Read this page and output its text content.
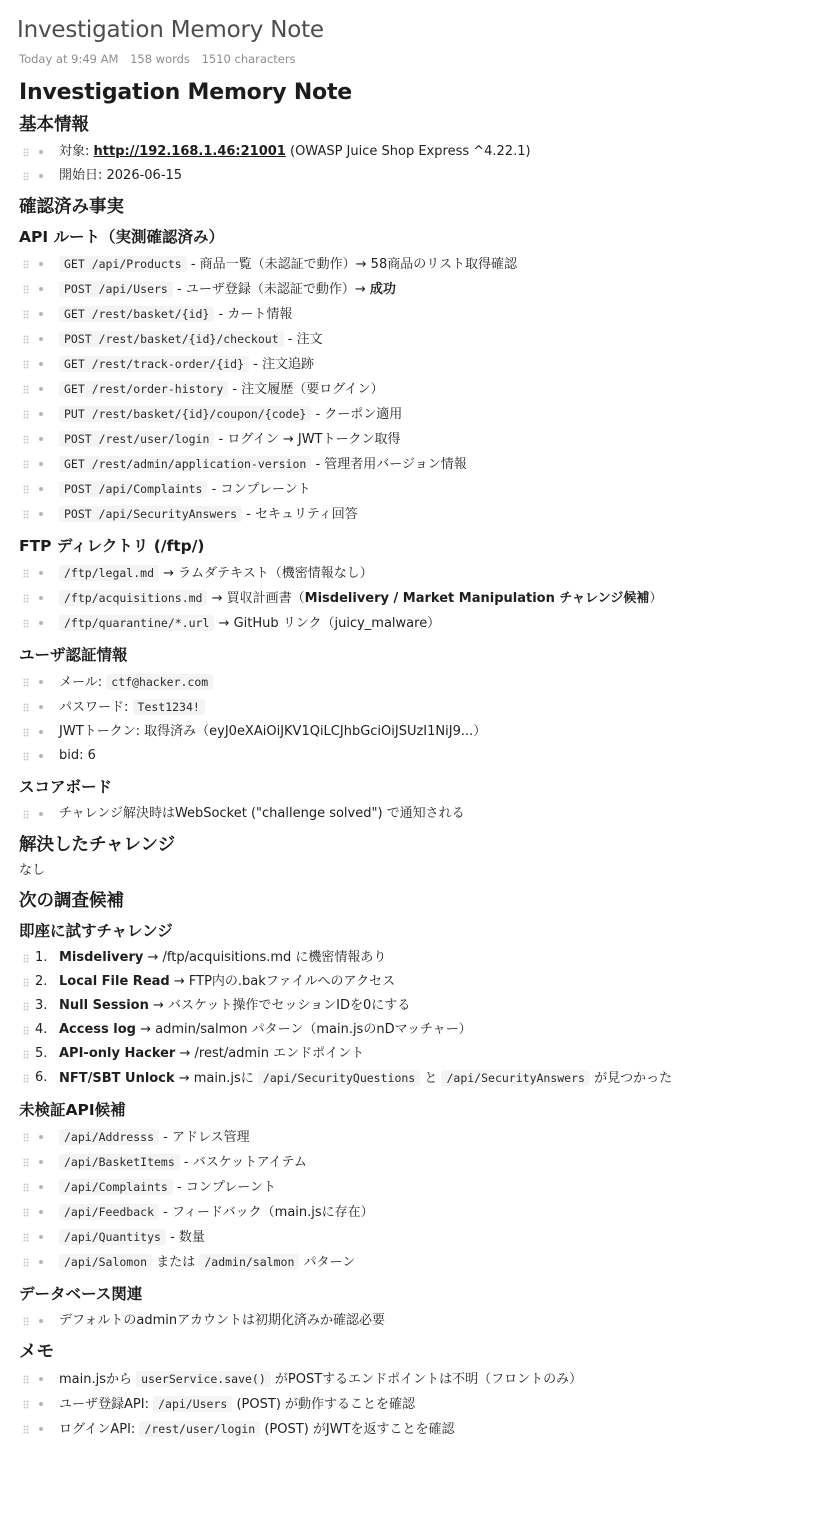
Investigation Memory Note
Today at 9:49 AM 158 words 1510 characters
Investigation Memory Note
基本情報
対象: http://192.168.1.46:21001 (OWASP Juice Shop Express ^4.22.1)
開始日: 2026-06-15
確認済み事実
API ルート（実測確認済み）
GET /api/Products - 商品一覧（未認証で動作）→ 58商品のリスト取得確認
POST /api/Users - ユーザ登録（未認証で動作）→ 成功
GET /rest/basket/{id} - カート情報
POST /rest/basket/{id}/checkout - 注文
GET /rest/track-order/{id} - 注文追跡
GET /rest/order-history - 注文履歴（要ログイン）
PUT /rest/basket/{id}/coupon/{code} - クーポン適用
POST /rest/user/login - ログイン → JWTトークン取得
GET /rest/admin/application-version - 管理者用バージョン情報
POST /api/Complaints - コンプレーント
POST /api/SecurityAnswers - セキュリティ回答
FTP ディレクトリ (/ftp/)
/ftp/legal.md → ラムダテキスト（機密情報なし）
/ftp/acquisitions.md → 買収計画書（Misdelivery / Market Manipulation チャレンジ候補）
/ftp/quarantine/*.url → GitHub リンク（juicy_malware）
ユーザ認証情報
メール: ctf@hacker.com
パスワード: Test1234!
JWTトークン: 取得済み（eyJ0eXAiOiJKV1QiLCJhbGciOiJSUzI1NiJ9...）
bid: 6
スコアボード
チャレンジ解決時はWebSocket ("challenge solved") で通知される
解決したチャレンジ
なし
次の調査候補
即座に試すチャレンジ
1. Misdelivery → /ftp/acquisitions.md に機密情報あり
2. Local File Read → FTP内の.bakファイルへのアクセス
3. Null Session → バスケット操作でセッションIDを0にする
4. Access log → admin/salmon パターン（main.jsのnDマッチャー）
5. API-only Hacker → /rest/admin エンドポイント
6. NFT/SBT Unlock → main.jsに /api/SecurityQuestions と /api/SecurityAnswers が見つかった
未検証API候補
/api/Addresss - アドレス管理
/api/BasketItems - バスケットアイテム
/api/Complaints - コンプレーント
/api/Feedback - フィードバック（main.jsに存在）
/api/Quantitys - 数量
/api/Salomon または /admin/salmon パターン
データベース関連
デフォルトのadminアカウントは初期化済みか確認必要
メモ
main.jsから userService.save() がPOSTするエンドポイントは不明（フロントのみ）
ユーザ登録API: /api/Users (POST) が動作することを確認
ログインAPI: /rest/user/login (POST) がJWTを返すことを確認
